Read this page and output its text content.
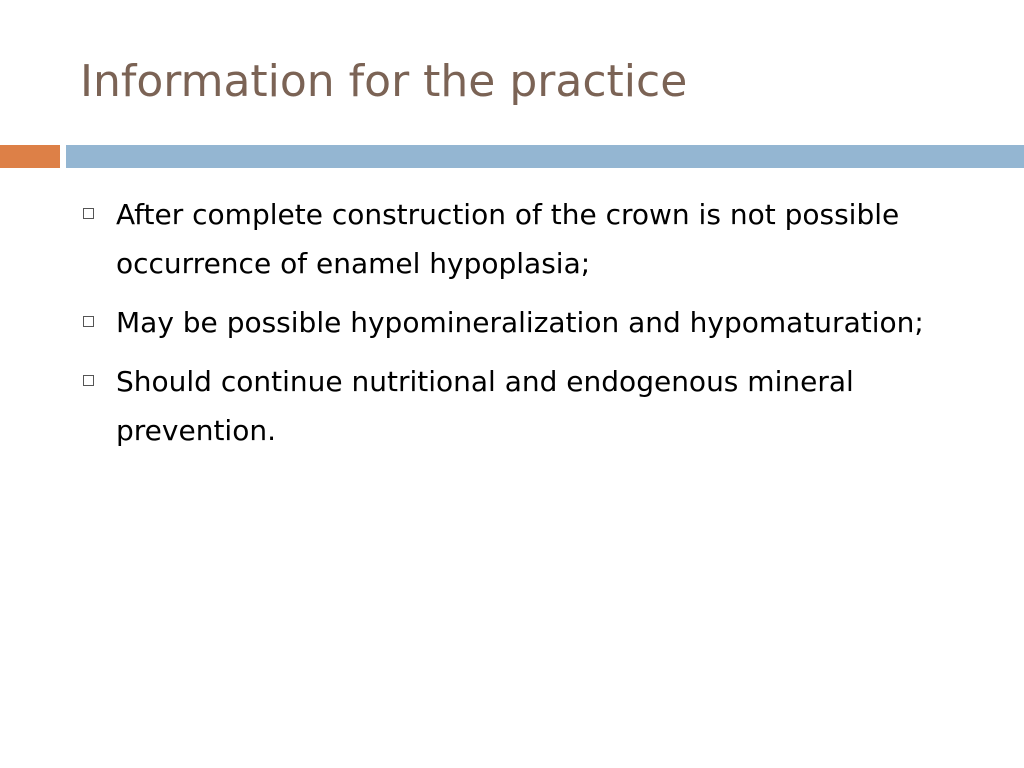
Information for the practice
After complete construction of the crown is not possible occurrence of enamel hypoplasia;
May be possible hypomineralization and hypomaturation;
Should continue nutritional and endogenous mineral prevention.
